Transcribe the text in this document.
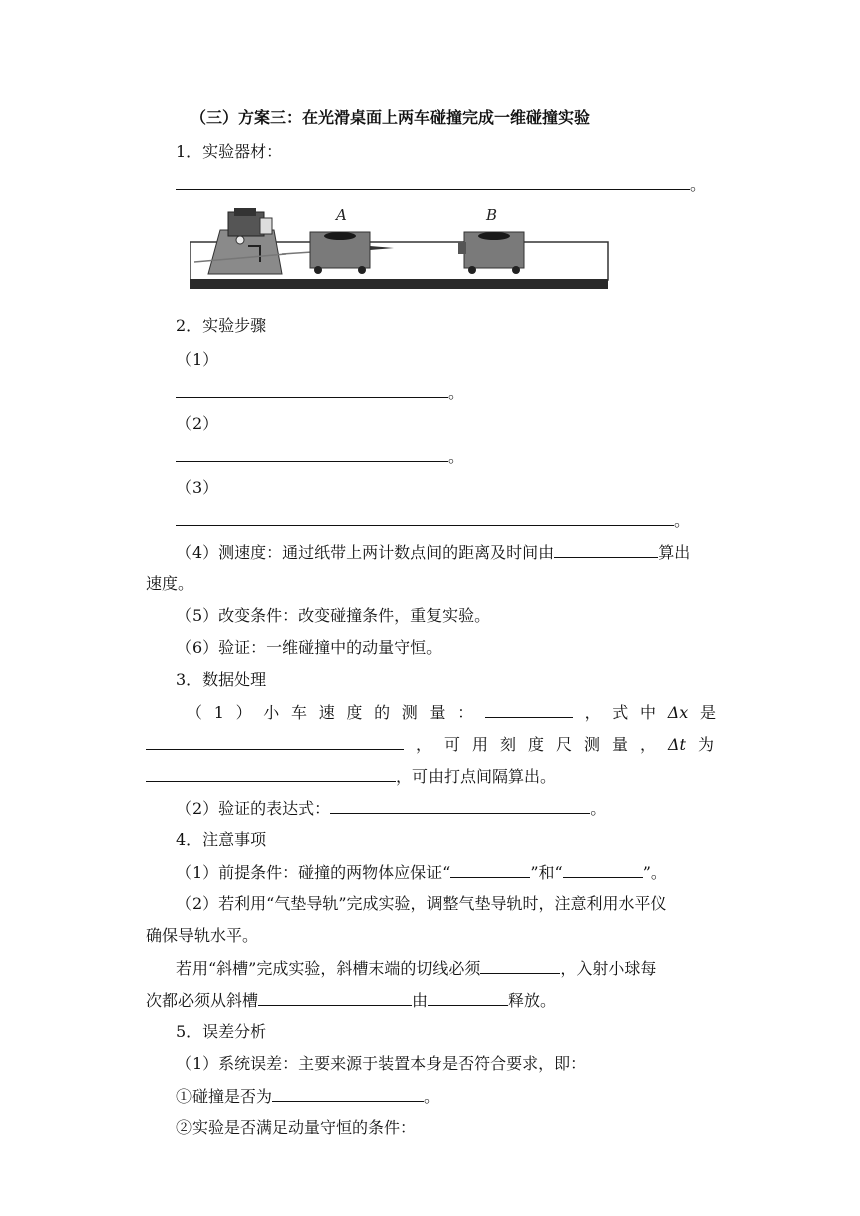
（三）方案三：在光滑桌面上两车碰撞完成一维碰撞实验
1．实验器材：
。
A	B
2．实验步骤
（1）
。
（2）
。
（3）
。
（4）测速度：通过纸带上两计数点间的距离及时间由	算出
速度。
（5）改变条件：改变碰撞条件，重复实验。
（6）验证：一维碰撞中的动量守恒。
3．数据处理
（ 1 ） 小 车 速 度 的 测 量 ：	， 式 中 Δx 是
， 可 用 刻 度 尺 测 量 ， Δt 为
，可由打点间隔算出。
（2）验证的表达式：	。
4．注意事项
（1）前提条件：碰撞的两物体应保证“	”和“	”。
（2）若利用“气垫导轨”完成实验，调整气垫导轨时，注意利用水平仪
确保导轨水平。
若用“斜槽”完成实验，斜槽末端的切线必须	，入射小球每
次都必须从斜槽	由	释放。
5．误差分析
（1）系统误差：主要来源于装置本身是否符合要求，即：
①碰撞是否为	。
②实验是否满足动量守恒的条件：
